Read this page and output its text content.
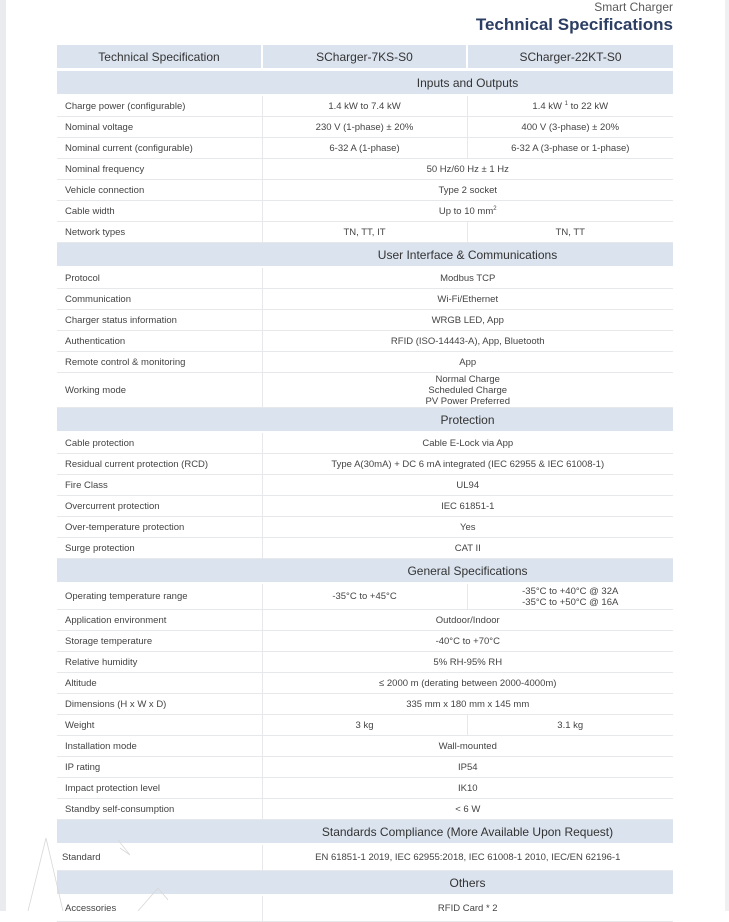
Smart Charger
Technical Specifications
Technical Specification	SCharger-7KS-S0	SCharger-22KT-S0
	Inputs and Outputs	
Charge power (configurable)	1.4 kW to 7.4 kW	1.4 kW $^1$ to 22 kW
Nominal voltage	230 V (1-phase) ± 20%	400 V (3-phase) ± 20%
Nominal current (configurable)	6-32 A (1-phase)	6-32 A (3-phase or 1-phase)
Nominal frequency	50 Hz/60 Hz ± 1 Hz	
Vehicle connection	Type 2 socket	
Cable width	Up to 10 $mm^2$
Network types	TN, TT, IT	TN, TT
	User Interface & Communications	
Protocol	Modbus TCP	
Communication	Wi-Fi/Ethernet	
Charger status information	WRGB LED, App	
Authentication	RFID (ISO-14443-A), App, Bluetooth	
Remote control & monitoring	App	
Working mode	Normal Charge
Scheduled Charge
PV Power Preferred	

	Protection	
Cable protection	Cable E-Lock via App	
Residual current protection (RCD)	Type A(30mA) + DC 6 mA integrated (IEC 62955 & IEC 61008-1)	
Fire Class	UL94	
Overcurrent protection	IEC 61851-1	
Over-temperature protection	Yes	
Surge protection	CAT II	
	General Specifications	
Operating temperature range	-35°C to +45°C	-35°C to +40°C @ 32A
-35°C to +50°C @ 16A

Application environment	Outdoor/Indoor	
Storage temperature	-40°C to +70°C	
Relative humidity	5% RH-95% RH	
Altitude	≤ 2000 m (derating between 2000-4000m)	
Dimensions (H x W x D)	335 mm x 180 mm x 145 mm	
Weight	3 kg	3.1 kg
Installation mode	Wall-mounted	
IP rating	IP54	
Impact protection level	IK10	
Standby self-consumption	< 6 W	
	Standards Compliance (More Available Upon Request)	
Standard	EN 61851-1 2019, IEC 62955:2018, IEC 61008-1 2010, IEC/EN 62196-1	
	Others	
Accessories	RFID Card * 2	
